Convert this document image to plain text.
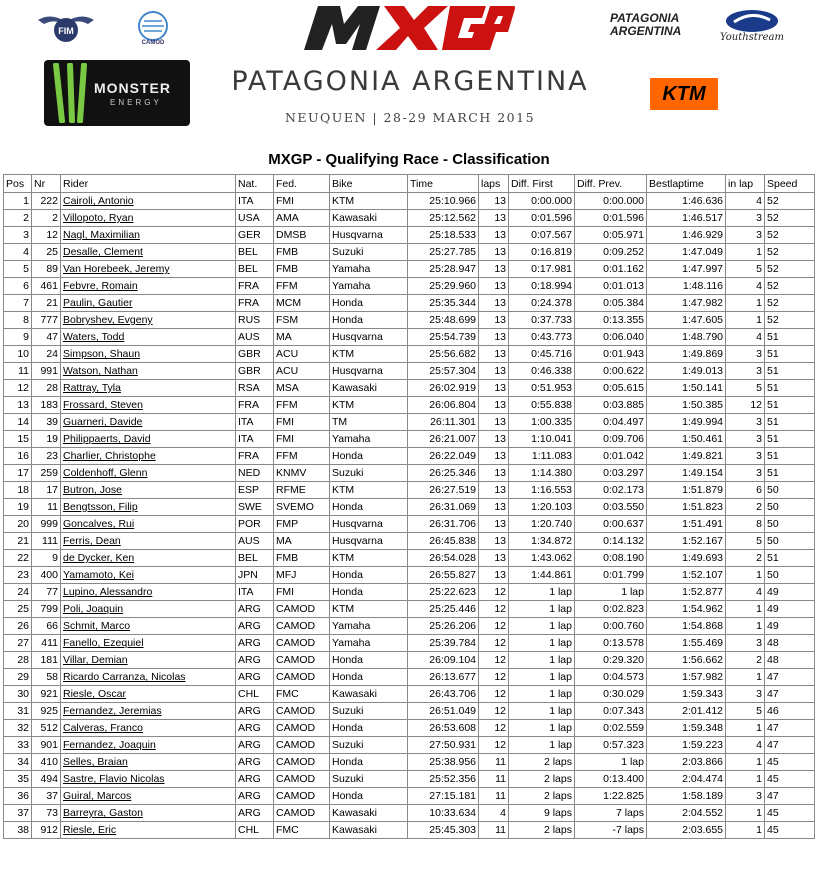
FIM
CAMOD
PATAGONIA ARGENTINA	Youthstream
MONSTER
ENERGY
PATAGONIA ARGENTINA
NEUQUEN | 28-29 MARCH 2015
KTM
MXGP - Qualifying Race - Classification
Pos	Nr	Rider	Nat.	Fed.	Bike	Time	laps	Diff. First	Diff. Prev.	Bestlaptime	in lap	Speed
1	222	Cairoli, Antonio	ITA	FMI	KTM	25:10.966	13	0:00.000	0:00.000	1:46.636	4	52
2	2	Villopoto, Ryan	USA	AMA	Kawasaki	25:12.562	13	0:01.596	0:01.596	1:46.517	3	52
3	12	Nagl, Maximilian	GER	DMSB	Husqvarna	25:18.533	13	0:07.567	0:05.971	1:46.929	3	52
4	25	Desalle, Clement	BEL	FMB	Suzuki	25:27.785	13	0:16.819	0:09.252	1:47.049	1	52
5	89	Van Horebeek, Jeremy	BEL	FMB	Yamaha	25:28.947	13	0:17.981	0:01.162	1:47.997	5	52
6	461	Febvre, Romain	FRA	FFM	Yamaha	25:29.960	13	0:18.994	0:01.013	1:48.116	4	52
7	21	Paulin, Gautier	FRA	MCM	Honda	25:35.344	13	0:24.378	0:05.384	1:47.982	1	52
8	777	Bobryshev, Evgeny	RUS	FSM	Honda	25:48.699	13	0:37.733	0:13.355	1:47.605	1	52
9	47	Waters, Todd	AUS	MA	Husqvarna	25:54.739	13	0:43.773	0:06.040	1:48.790	4	51
10	24	Simpson, Shaun	GBR	ACU	KTM	25:56.682	13	0:45.716	0:01.943	1:49.869	3	51
11	991	Watson, Nathan	GBR	ACU	Husqvarna	25:57.304	13	0:46.338	0:00.622	1:49.013	3	51
12	28	Rattray, Tyla	RSA	MSA	Kawasaki	26:02.919	13	0:51.953	0:05.615	1:50.141	5	51
13	183	Frossard, Steven	FRA	FFM	KTM	26:06.804	13	0:55.838	0:03.885	1:50.385	12	51
14	39	Guarneri, Davide	ITA	FMI	TM	26:11.301	13	1:00.335	0:04.497	1:49.994	3	51
15	19	Philippaerts, David	ITA	FMI	Yamaha	26:21.007	13	1:10.041	0:09.706	1:50.461	3	51
16	23	Charlier, Christophe	FRA	FFM	Honda	26:22.049	13	1:11.083	0:01.042	1:49.821	3	51
17	259	Coldenhoff, Glenn	NED	KNMV	Suzuki	26:25.346	13	1:14.380	0:03.297	1:49.154	3	51
18	17	Butron, Jose	ESP	RFME	KTM	26:27.519	13	1:16.553	0:02.173	1:51.879	6	50
19	11	Bengtsson, Filip	SWE	SVEMO	Honda	26:31.069	13	1:20.103	0:03.550	1:51.823	2	50
20	999	Goncalves, Rui	POR	FMP	Husqvarna	26:31.706	13	1:20.740	0:00.637	1:51.491	8	50
21	111	Ferris, Dean	AUS	MA	Husqvarna	26:45.838	13	1:34.872	0:14.132	1:52.167	5	50
22	9	de Dycker, Ken	BEL	FMB	KTM	26:54.028	13	1:43.062	0:08.190	1:49.693	2	51
23	400	Yamamoto, Kei	JPN	MFJ	Honda	26:55.827	13	1:44.861	0:01.799	1:52.107	1	50
24	77	Lupino, Alessandro	ITA	FMI	Honda	25:22.623	12	1 lap	1 lap	1:52.877	4	49
25	799	Poli, Joaquin	ARG	CAMOD	KTM	25:25.446	12	1 lap	0:02.823	1:54.962	1	49
26	66	Schmit, Marco	ARG	CAMOD	Yamaha	25:26.206	12	1 lap	0:00.760	1:54.868	1	49
27	411	Fanello, Ezequiel	ARG	CAMOD	Yamaha	25:39.784	12	1 lap	0:13.578	1:55.469	3	48
28	181	Villar, Demian	ARG	CAMOD	Honda	26:09.104	12	1 lap	0:29.320	1:56.662	2	48
29	58	Ricardo Carranza, Nicolas	ARG	CAMOD	Honda	26:13.677	12	1 lap	0:04.573	1:57.982	1	47
30	921	Riesle, Oscar	CHL	FMC	Kawasaki	26:43.706	12	1 lap	0:30.029	1:59.343	3	47
31	925	Fernandez, Jeremias	ARG	CAMOD	Suzuki	26:51.049	12	1 lap	0:07.343	2:01.412	5	46
32	512	Calveras, Franco	ARG	CAMOD	Honda	26:53.608	12	1 lap	0:02.559	1:59.348	1	47
33	901	Fernandez, Joaquin	ARG	CAMOD	Suzuki	27:50.931	12	1 lap	0:57.323	1:59.223	4	47
34	410	Selles, Braian	ARG	CAMOD	Honda	25:38.956	11	2 laps	1 lap	2:03.866	1	45
35	494	Sastre, Flavio Nicolas	ARG	CAMOD	Suzuki	25:52.356	11	2 laps	0:13.400	2:04.474	1	45
36	37	Guiral, Marcos	ARG	CAMOD	Honda	27:15.181	11	2 laps	1:22.825	1:58.189	3	47
37	73	Barreyra, Gaston	ARG	CAMOD	Kawasaki	10:33.634	4	9 laps	7 laps	2:04.552	1	45
38	912	Riesle, Eric	CHL	FMC	Kawasaki	25:45.303	11	2 laps	-7 laps	2:03.655	1	45
